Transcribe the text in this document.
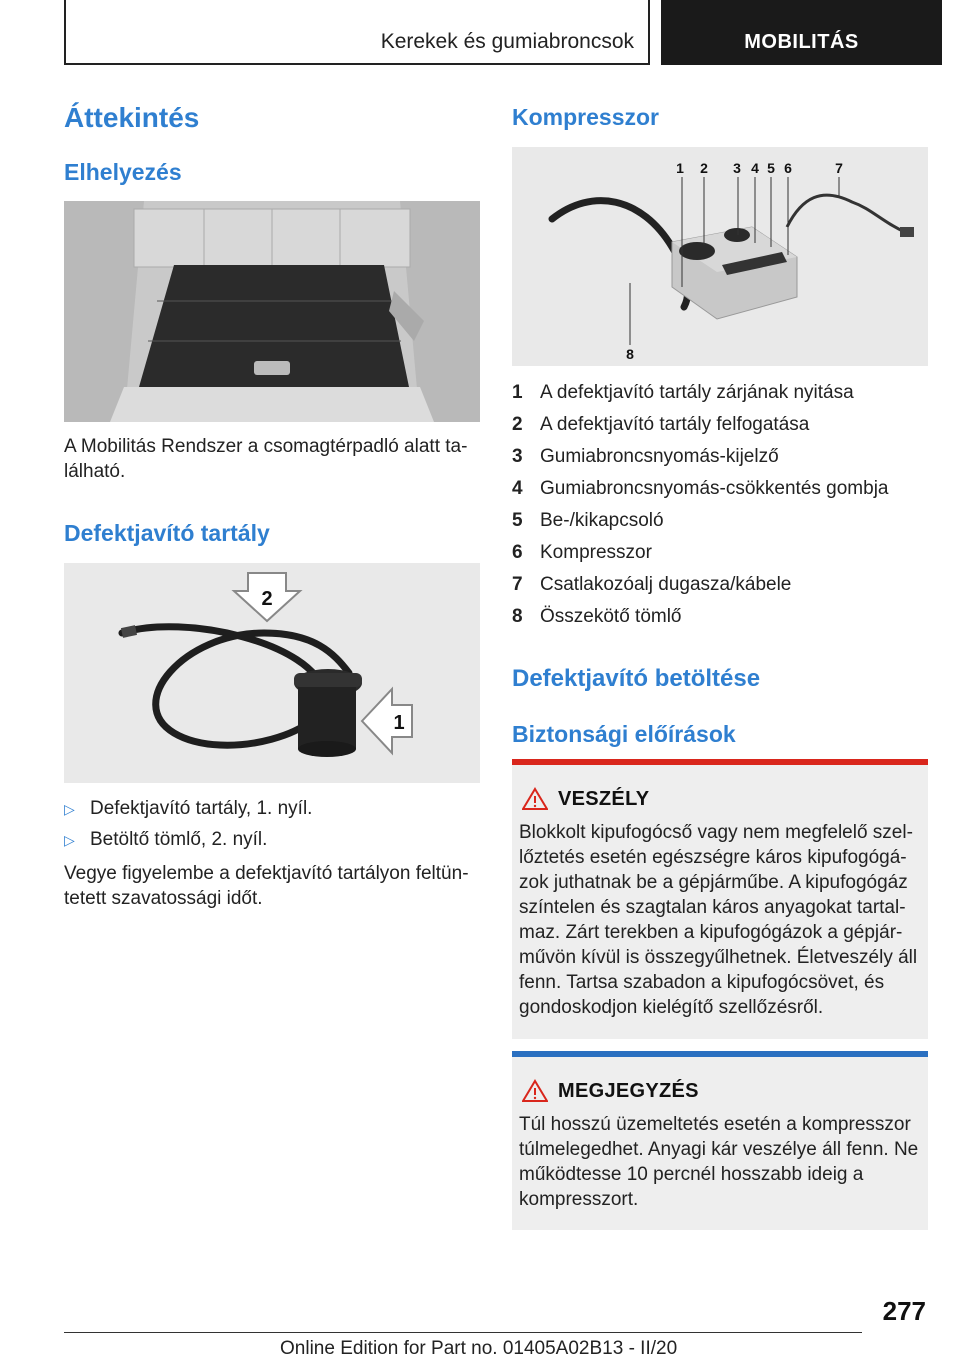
Kerekek és gumiabroncsok	MOBILITÁS
Áttekintés
Elhelyezés
A Mobilitás Rendszer a csomagtérpadló alatt ta‐
lálható.
Defektjavító tartály
2
1
▷ Defektjavító tartály, 1. nyíl.
▷ Betöltő tömlő, 2. nyíl.
Vegye figyelembe a defektjavító tartályon feltün‐
tetett szavatossági időt.
Kompresszor
1 2 3 4 5 6	7
8
1 A defektjavító tartály zárjának nyitása
2 A defektjavító tartály felfogatása
3 Gumiabroncsnyomás-kijelző
4 Gumiabroncsnyomás-csökkentés gombja
5 Be-/kikapcsoló
6 Kompresszor
7 Csatlakozóalj dugasza/kábele
8 Összekötő tömlő
Defektjavító betöltése
Biztonsági előírások
VESZÉLY
Blokkolt kipufogócső vagy nem megfelelő szel‐
lőztetés esetén egészségre káros kipufogógá‐
zok juthatnak be a gépjárműbe. A kipufogógáz
színtelen és szagtalan káros anyagokat tartal‐
maz. Zárt terekben a kipufogógázok a gépjár‐
művön kívül is összegyűlhetnek. Életveszély áll
fenn. Tartsa szabadon a kipufogócsövet, és
gondoskodjon kielégítő szellőzésről.
MEGJEGYZÉS
Túl hosszú üzemeltetés esetén a kompresszor
túlmelegedhet. Anyagi kár veszélye áll fenn. Ne
működtesse 10 percnél hosszabb ideig a
kompresszort.
277
Online Edition for Part no. 01405A02B13 - II/20
